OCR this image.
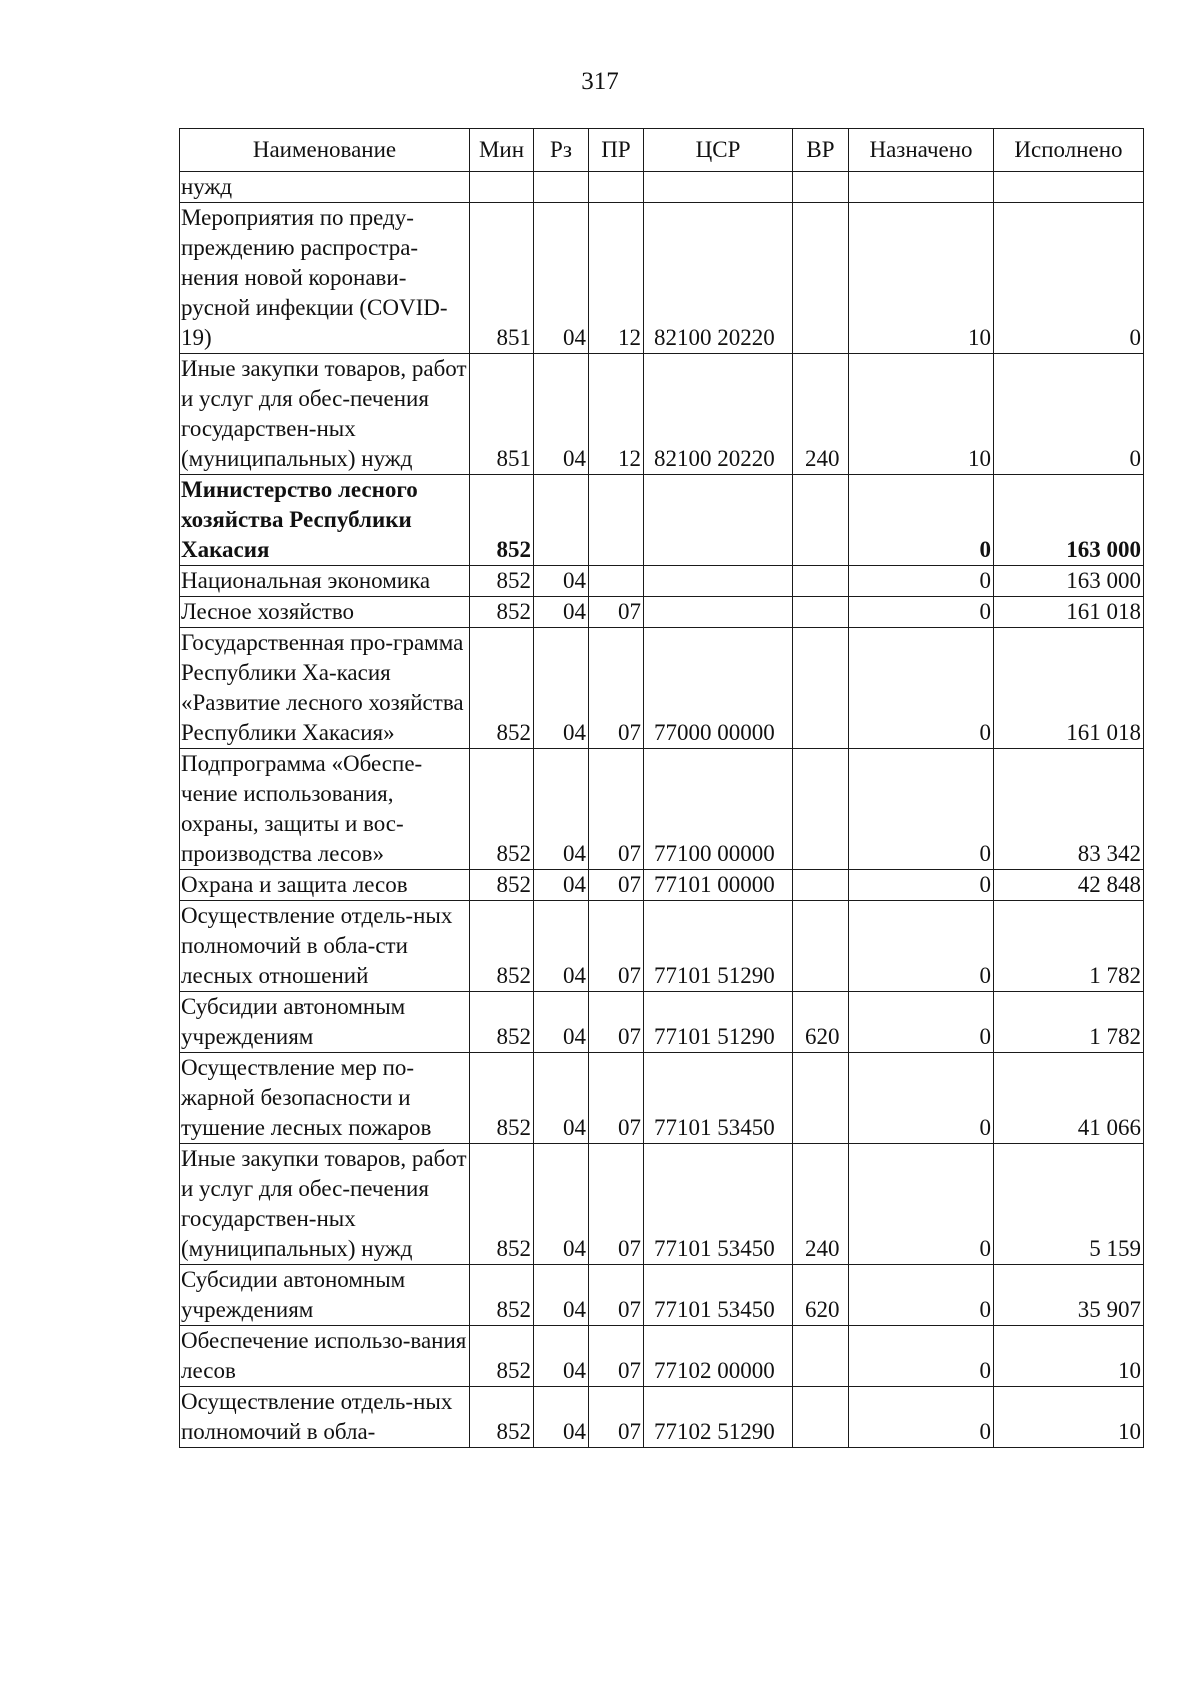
317
Наименование	Мин	Рз	ПР	ЦСР	ВР	Назначено	Исполнено
нужд							
Мероприятия по преду-преждению распростра-нения новой коронави-русной инфекции (COVID-19)	851	04	12	82100 20220		10	0
Иные закупки товаров, работ и услуг для обес-печения государствен-ных (муниципальных) нужд	851	04	12	82100 20220	240	10	0
Министерство лесного хозяйства Республики Хакасия	852					0	163 000
Национальная экономика	852	04				0	163 000
Лесное хозяйство	852	04	07			0	161 018
Государственная про-грамма Республики Ха-касия «Развитие лесного хозяйства Республики Хакасия»	852	04	07	77000 00000		0	161 018
Подпрограмма «Обеспе-чение использования, охраны, защиты и вос-производства лесов»	852	04	07	77100 00000		0	83 342
Охрана и защита лесов	852	04	07	77101 00000		0	42 848
Осуществление отдель-ных полномочий в обла-сти лесных отношений	852	04	07	77101 51290		0	1 782
Субсидии автономным учреждениям	852	04	07	77101 51290	620	0	1 782
Осуществление мер по-жарной безопасности и тушение лесных пожаров	852	04	07	77101 53450		0	41 066
Иные закупки товаров, работ и услуг для обес-печения государствен-ных (муниципальных) нужд	852	04	07	77101 53450	240	0	5 159
Субсидии автономным учреждениям	852	04	07	77101 53450	620	0	35 907
Обеспечение использо-вания лесов	852	04	07	77102 00000		0	10
Осуществление отдель-ных полномочий в обла-	852	04	07	77102 51290		0	10
